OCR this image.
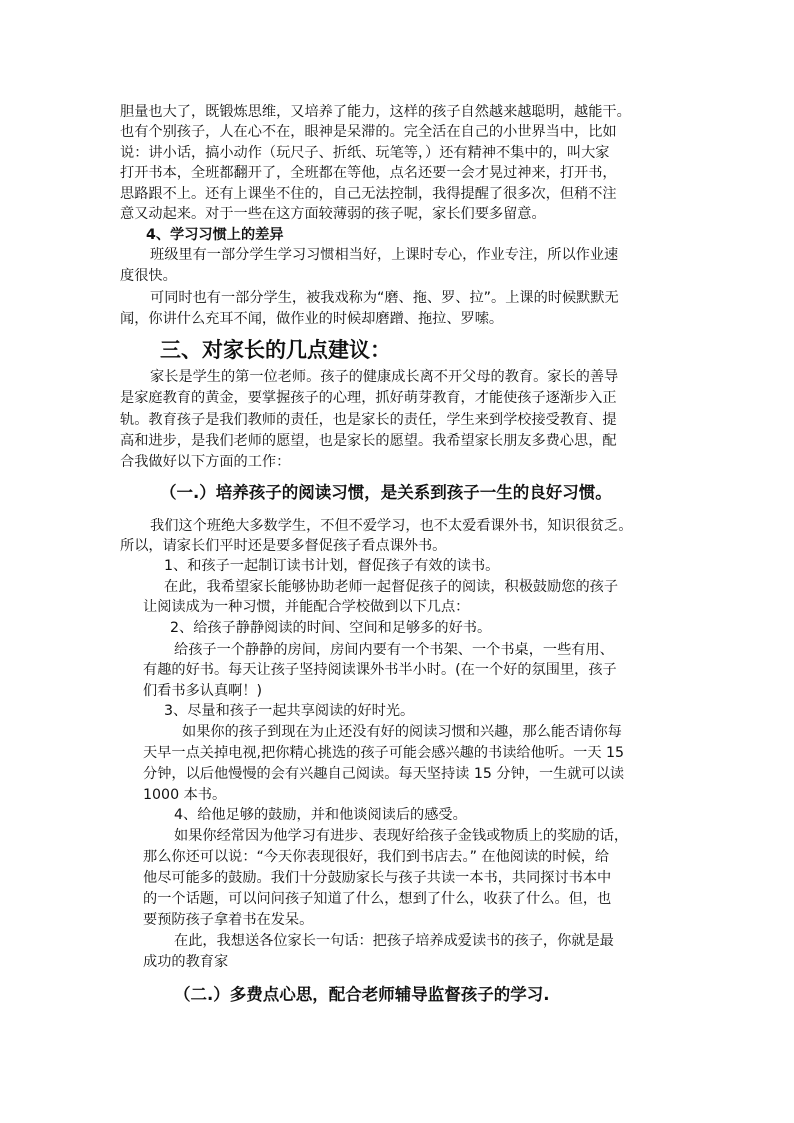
胆量也大了，既锻炼思维，又培养了能力，这样的孩子自然越来越聪明，越能干。
也有个别孩子，人在心不在，眼神是呆滞的。完全活在自己的小世界当中，比如
说：讲小话，搞小动作（玩尺子、折纸、玩笔等，）还有精神不集中的，叫大家
打开书本，全班都翻开了，全班都在等他，点名还要一会才晃过神来，打开书，
思路跟不上。还有上课坐不住的，自己无法控制，我得提醒了很多次，但稍不注
意又动起来。对于一些在这方面较薄弱的孩子呢，家长们要多留意。
4、学习习惯上的差异
班级里有一部分学生学习习惯相当好，上课时专心，作业专注，所以作业速
度很快。
可同时也有一部分学生，被我戏称为“磨、拖、罗、拉”。上课的时候默默无
闻，你讲什么充耳不闻，做作业的时候却磨蹭、拖拉、罗嗦。
三、对家长的几点建议：
家长是学生的第一位老师。孩子的健康成长离不开父母的教育。家长的善导
是家庭教育的黄金，要掌握孩子的心理，抓好萌芽教育，才能使孩子逐渐步入正
轨。教育孩子是我们教师的责任，也是家长的责任，学生来到学校接受教育、提
高和进步，是我们老师的愿望，也是家长的愿望。我希望家长朋友多费心思，配
合我做好以下方面的工作：
（一.）培养孩子的阅读习惯，是关系到孩子一生的良好习惯。
我们这个班绝大多数学生，不但不爱学习，也不太爱看课外书，知识很贫乏。
所以，请家长们平时还是要多督促孩子看点课外书。
1、和孩子一起制订读书计划，督促孩子有效的读书。
在此，我希望家长能够协助老师一起督促孩子的阅读，积极鼓励您的孩子
让阅读成为一种习惯，并能配合学校做到以下几点：
2、给孩子静静阅读的时间、空间和足够多的好书。
给孩子一个静静的房间，房间内要有一个书架、一个书桌，一些有用、
有趣的好书。每天让孩子坚持阅读课外书半小时。(在一个好的氛围里，孩子
们看书多认真啊！)
3、尽量和孩子一起共享阅读的好时光。
如果你的孩子到现在为止还没有好的阅读习惯和兴趣，那么能否请你每
天早一点关掉电视,把你精心挑选的孩子可能会感兴趣的书读给他听。一天 15
分钟，以后他慢慢的会有兴趣自己阅读。每天坚持读 15 分钟，一生就可以读
1000 本书。
4、给他足够的鼓励，并和他谈阅读后的感受。
如果你经常因为他学习有进步、表现好给孩子金钱或物质上的奖励的话，
那么你还可以说：“今天你表现很好，我们到书店去。” 在他阅读的时候，给
他尽可能多的鼓励。我们十分鼓励家长与孩子共读一本书，共同探讨书本中
的一个话题，可以问问孩子知道了什么，想到了什么，收获了什么。但，也
要预防孩子拿着书在发呆。
在此，我想送各位家长一句话：把孩子培养成爱读书的孩子，你就是最
成功的教育家
（二.）多费点心思，配合老师辅导监督孩子的学习.
